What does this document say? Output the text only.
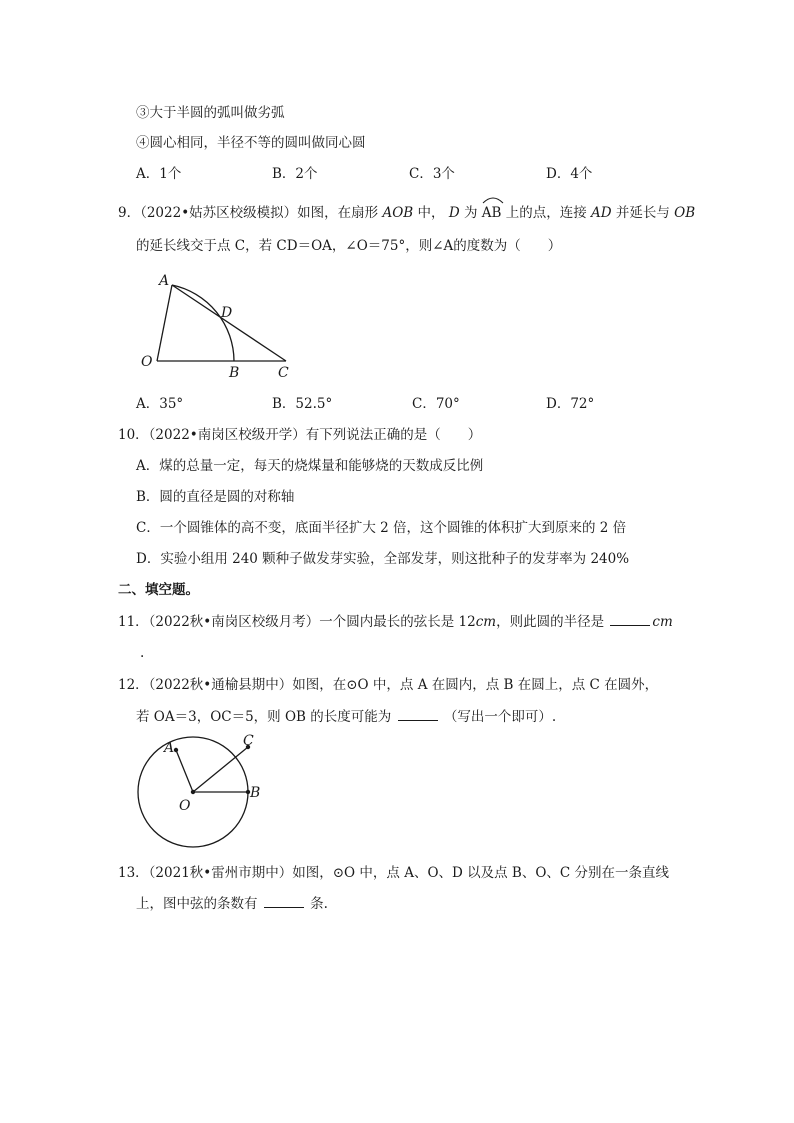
③大于半圆的弧叫做劣弧
④圆心相同，半径不等的圆叫做同心圆
A．1个	B．2个	C．3个	D．4个
9．（2022•姑苏区校级模拟）如图，在扇形 AOB 中， D 为 AB 上的点，连接 AD 并延长与 OB
的延长线交于点 C，若 CD＝OA，∠O＝75°，则∠A的度数为（　　）
A
D
O
B	C
A．35°	B．52.5°	C．70°	D．72°
10．（2022•南岗区校级开学）有下列说法正确的是（　　）
A．煤的总量一定，每天的烧煤量和能够烧的天数成反比例
B．圆的直径是圆的对称轴
C．一个圆锥体的高不变，底面半径扩大 2 倍，这个圆锥的体积扩大到原来的 2 倍
D．实验小组用 240 颗种子做发芽实验，全部发芽，则这批种子的发芽率为 240%
二、填空题。
11．（2022秋•南岗区校级月考）一个圆内最长的弦长是 12cm，则此圆的半径是	cm
.
12．（2022秋•通榆县期中）如图，在⊙O 中，点 A 在圆内，点 B 在圆上，点 C 在圆外，
若 OA＝3，OC＝5，则 OB 的长度可能为	（写出一个即可）.
A	C
O
B
13．（2021秋•雷州市期中）如图，⊙O 中，点 A、O、D 以及点 B、O、C 分别在一条直线
上，图中弦的条数有	条.
